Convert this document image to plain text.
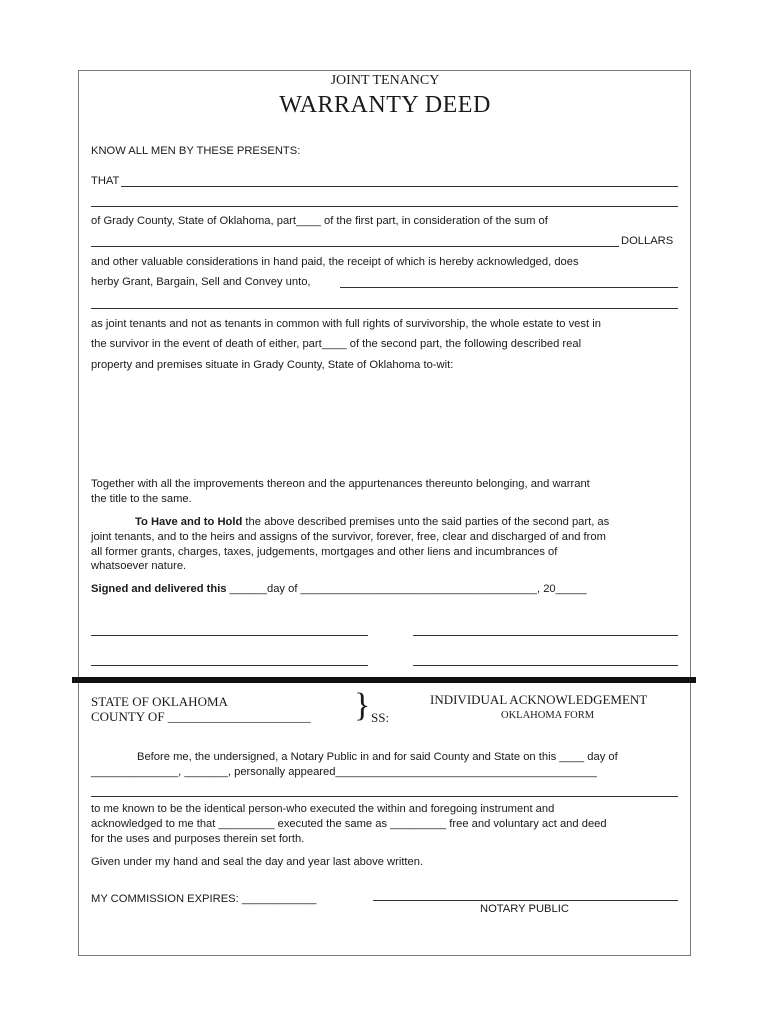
JOINT TENANCY
WARRANTY DEED
KNOW ALL MEN BY THESE PRESENTS:
THAT
of Grady County, State of Oklahoma, part____ of the first part, in consideration of the sum of
DOLLARS
and other valuable considerations in hand paid, the receipt of which is hereby acknowledged, does
herby Grant, Bargain, Sell and Convey unto,
as joint tenants and not as tenants in common with full rights of survivorship, the whole estate to vest in
the survivor in the event of death of either, part____ of the second part, the following described real
property and premises situate in Grady County, State of Oklahoma to-wit:
Together with all the improvements thereon and the appurtenances thereunto belonging, and warrant
the title to the same.
To Have and to Hold the above described premises unto the said parties of the second part, as
joint tenants, and to the heirs and assigns of the survivor, forever, free, clear and discharged of and from
all former grants, charges, taxes, judgements, mortgages and other liens and incumbrances of
whatsoever nature.
Signed and delivered this ______day of ______________________________________, 20_____
STATE OF OKLAHOMA
COUNTY OF ______________________ } SS:
INDIVIDUAL ACKNOWLEDGEMENT
OKLAHOMA FORM
Before me, the undersigned, a Notary Public in and for said County and State on this ____ day of
______________, _______, personally appeared__________________________________________
to me known to be the identical person-who executed the within and foregoing instrument and
acknowledged to me that _________ executed the same as _________ free and voluntary act and deed
for the uses and purposes therein set forth.
Given under my hand and seal the day and year last above written.
MY COMMISSION EXPIRES: ____________
NOTARY PUBLIC
